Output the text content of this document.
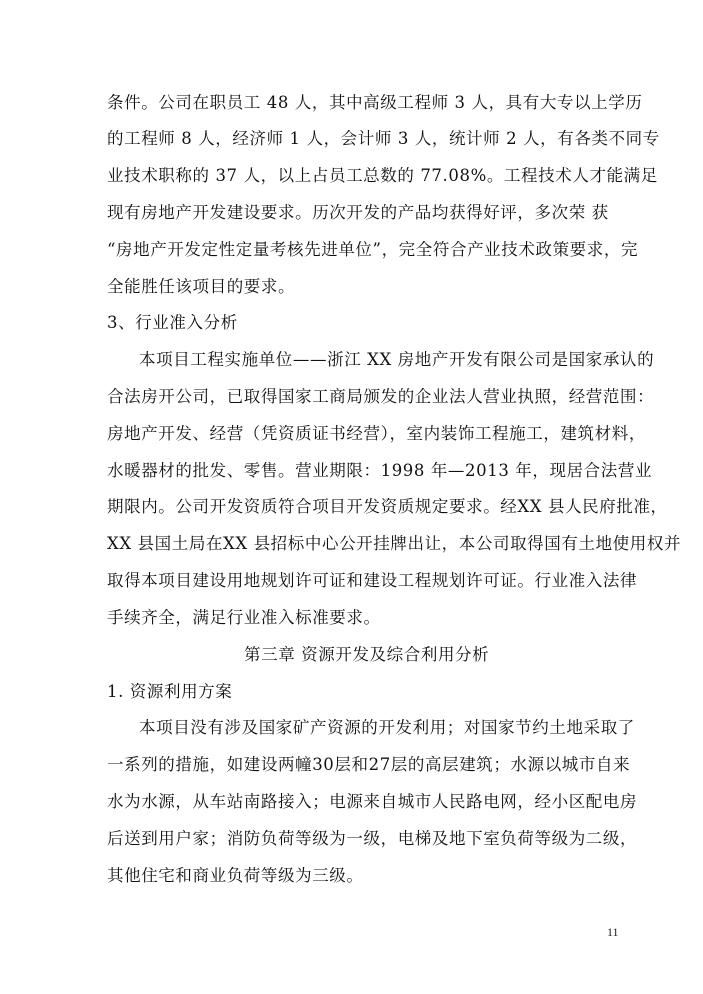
条件。公司在职员工 48 人，其中高级工程师 3 人，具有大专以上学历
的工程师 8 人，经济师 1 人，会计师 3 人，统计师 2 人，有各类不同专
业技术职称的 37 人，以上占员工总数的 77.08%。工程技术人才能满足
现有房地产开发建设要求。历次开发的产品均获得好评，多次荣 获
“房地产开发定性定量考核先进单位”，完全符合产业技术政策要求，完
全能胜任该项目的要求。
3、行业准入分析
本项目工程实施单位——浙江 XX 房地产开发有限公司是国家承认的
合法房开公司，已取得国家工商局颁发的企业法人营业执照，经营范围：
房地产开发、经营（凭资质证书经营），室内装饰工程施工，建筑材料，
水暖器材的批发、零售。营业期限：1998 年—2013 年，现居合法营业
期限内。公司开发资质符合项目开发资质规定要求。经XX 县人民府批准，
XX 县国土局在XX 县招标中心公开挂牌出让，本公司取得国有土地使用权并
取得本项目建设用地规划许可证和建设工程规划许可证。行业准入法律
手续齐全，满足行业准入标准要求。
第三章 资源开发及综合利用分析
1. 资源利用方案
本项目没有涉及国家矿产资源的开发利用；对国家节约土地采取了
一系列的措施，如建设两幢30层和27层的高层建筑；水源以城市自来
水为水源，从车站南路接入；电源来自城市人民路电网，经小区配电房
后送到用户家；消防负荷等级为一级，电梯及地下室负荷等级为二级，
其他住宅和商业负荷等级为三级。
11
